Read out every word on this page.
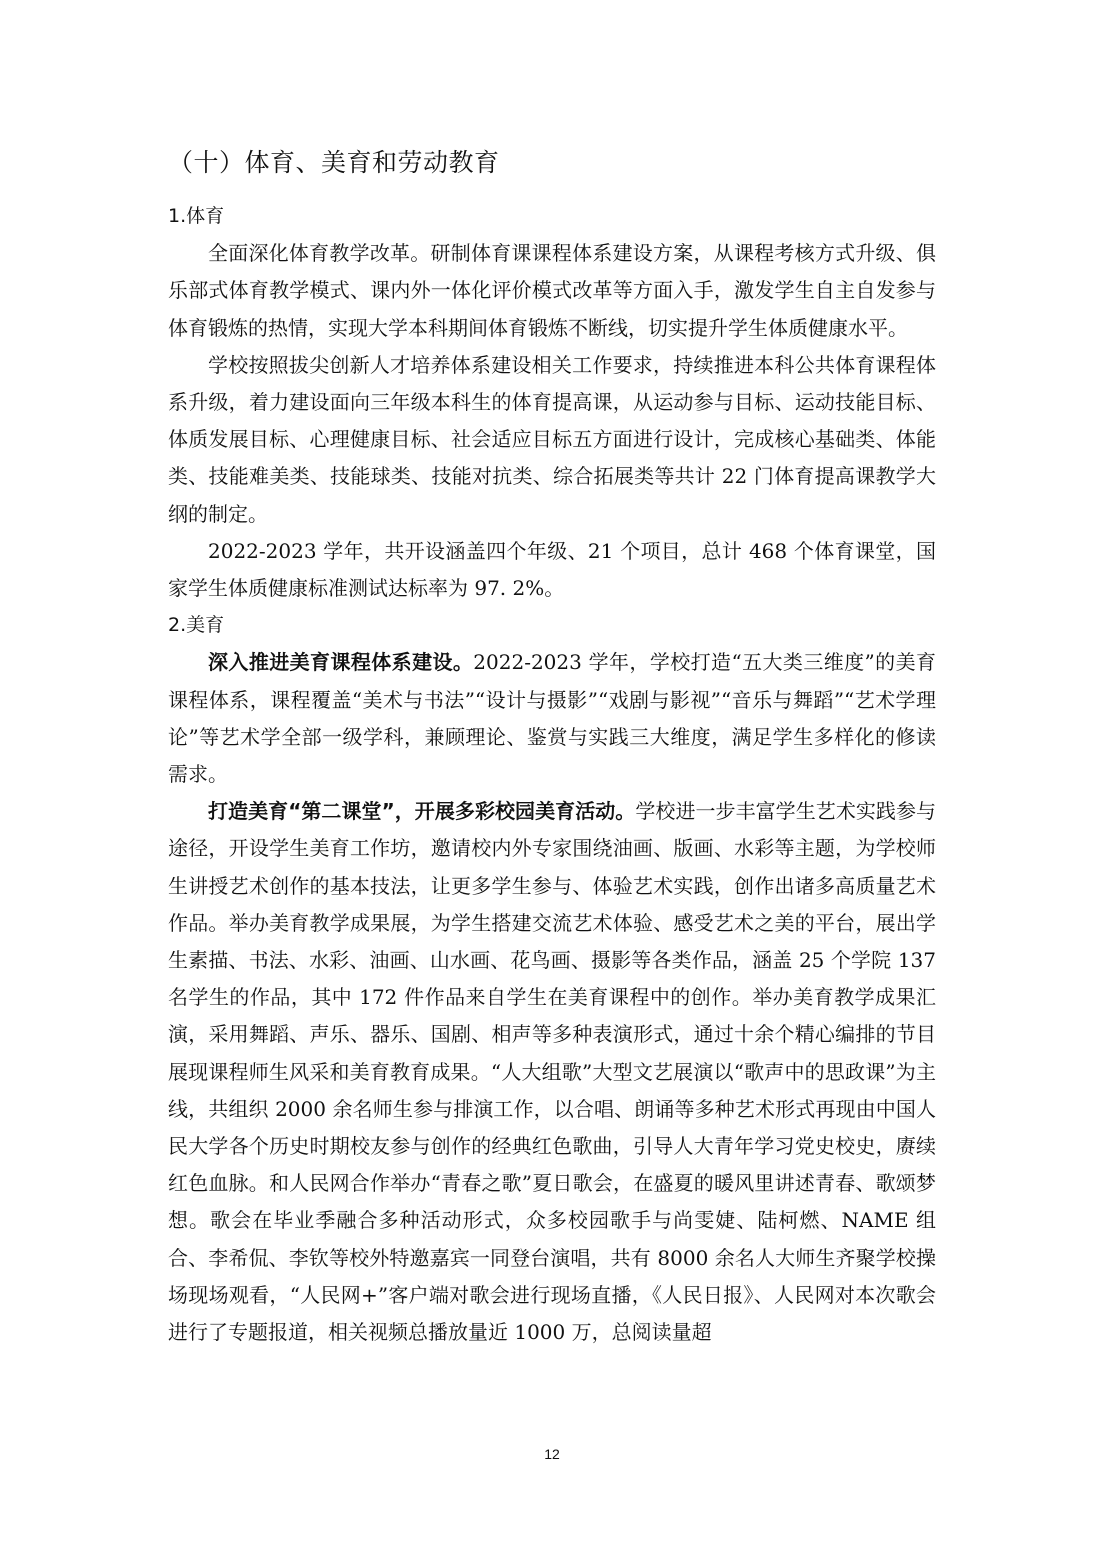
（十）体育、美育和劳动教育
1.体育

全面深化体育教学改革。研制体育课课程体系建设方案，从课程考核方式升级、俱乐部式体育教学模式、课内外一体化评价模式改革等方面入手，激发学生自主自发参与体育锻炼的热情，实现大学本科期间体育锻炼不断线，切实提升学生体质健康水平。

学校按照拔尖创新人才培养体系建设相关工作要求，持续推进本科公共体育课程体系升级，着力建设面向三年级本科生的体育提高课，从运动参与目标、运动技能目标、体质发展目标、心理健康目标、社会适应目标五方面进行设计，完成核心基础类、体能类、技能难美类、技能球类、技能对抗类、综合拓展类等共计 22 门体育提高课教学大纲的制定。

2022-2023 学年，共开设涵盖四个年级、21 个项目，总计 468 个体育课堂，国家学生体质健康标准测试达标率为 97. 2%。

2.美育

深入推进美育课程体系建设。2022-2023 学年，学校打造“五大类三维度”的美育课程体系，课程覆盖“美术与书法”“设计与摄影”“戏剧与影视”“音乐与舞蹈”“艺术学理论”等艺术学全部一级学科，兼顾理论、鉴赏与实践三大维度，满足学生多样化的修读需求。

打造美育“第二课堂”，开展多彩校园美育活动。学校进一步丰富学生艺术实践参与途径，开设学生美育工作坊，邀请校内外专家围绕油画、版画、水彩等主题，为学校师生讲授艺术创作的基本技法，让更多学生参与、体验艺术实践，创作出诸多高质量艺术作品。举办美育教学成果展，为学生搭建交流艺术体验、感受艺术之美的平台，展出学生素描、书法、水彩、油画、山水画、花鸟画、摄影等各类作品，涵盖 25 个学院 137 名学生的作品，其中 172 件作品来自学生在美育课程中的创作。举办美育教学成果汇演，采用舞蹈、声乐、器乐、国剧、相声等多种表演形式，通过十余个精心编排的节目展现课程师生风采和美育教育成果。“人大组歌”大型文艺展演以“歌声中的思政课”为主线，共组织 2000 余名师生参与排演工作，以合唱、朗诵等多种艺术形式再现由中国人民大学各个历史时期校友参与创作的经典红色歌曲，引导人大青年学习党史校史，赓续红色血脉。和人民网合作举办“青春之歌”夏日歌会，在盛夏的暖风里讲述青春、歌颂梦想。歌会在毕业季融合多种活动形式，众多校园歌手与尚雯婕、陆柯燃、NAME 组合、李希侃、李钦等校外特邀嘉宾一同登台演唱，共有 8000 余名人大师生齐聚学校操场现场观看，“人民网+”客户端对歌会进行现场直播，《人民日报》、人民网对本次歌会进行了专题报道，相关视频总播放量近 1000 万，总阅读量超

12
